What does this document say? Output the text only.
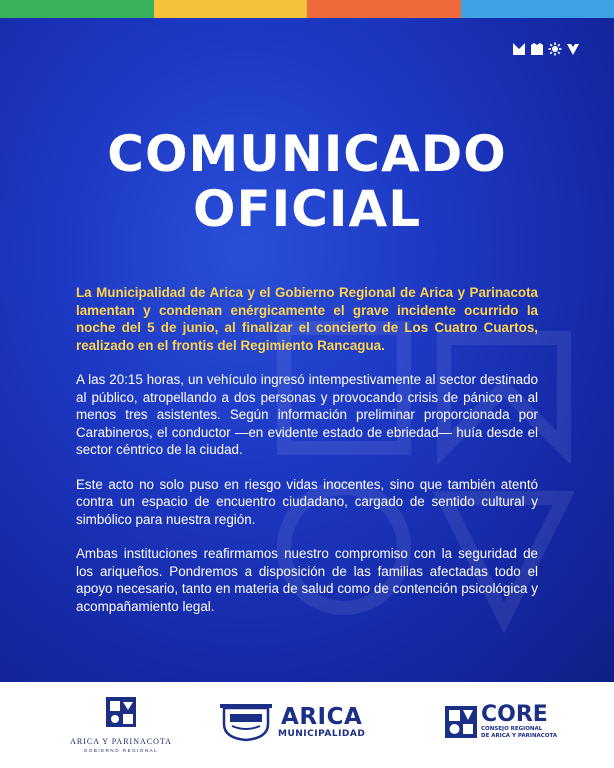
COMUNICADO
OFICIAL

La Municipalidad de Arica y el Gobierno Regional de Arica y Parinacota lamentan y condenan enérgicamente el grave incidente ocurrido la noche del 5 de junio, al finalizar el concierto de Los Cuatro Cuartos, realizado en el frontis del Regimiento Rancagua.

A las 20:15 horas, un vehículo ingresó intempestivamente al sector destinado al público, atropellando a dos personas y provocando crisis de pánico en al menos tres asistentes. Según información preliminar proporcionada por Carabineros, el conductor —en evidente estado de ebriedad— huía desde el sector céntrico de la ciudad.

Este acto no solo puso en riesgo vidas inocentes, sino que también atentó contra un espacio de encuentro ciudadano, cargado de sentido cultural y simbólico para nuestra región.

Ambas instituciones reafirmamos nuestro compromiso con la seguridad de los ariqueños. Pondremos a disposición de las familias afectadas todo el apoyo necesario, tanto en materia de salud como de contención psicológica y acompañamiento legal.

ARICA Y PARINACOTA
GOBIERNO REGIONAL
ARICA
MUNICIPALIDAD
CORE
CONSEJO REGIONAL
DE ARICA Y PARINACOTA
